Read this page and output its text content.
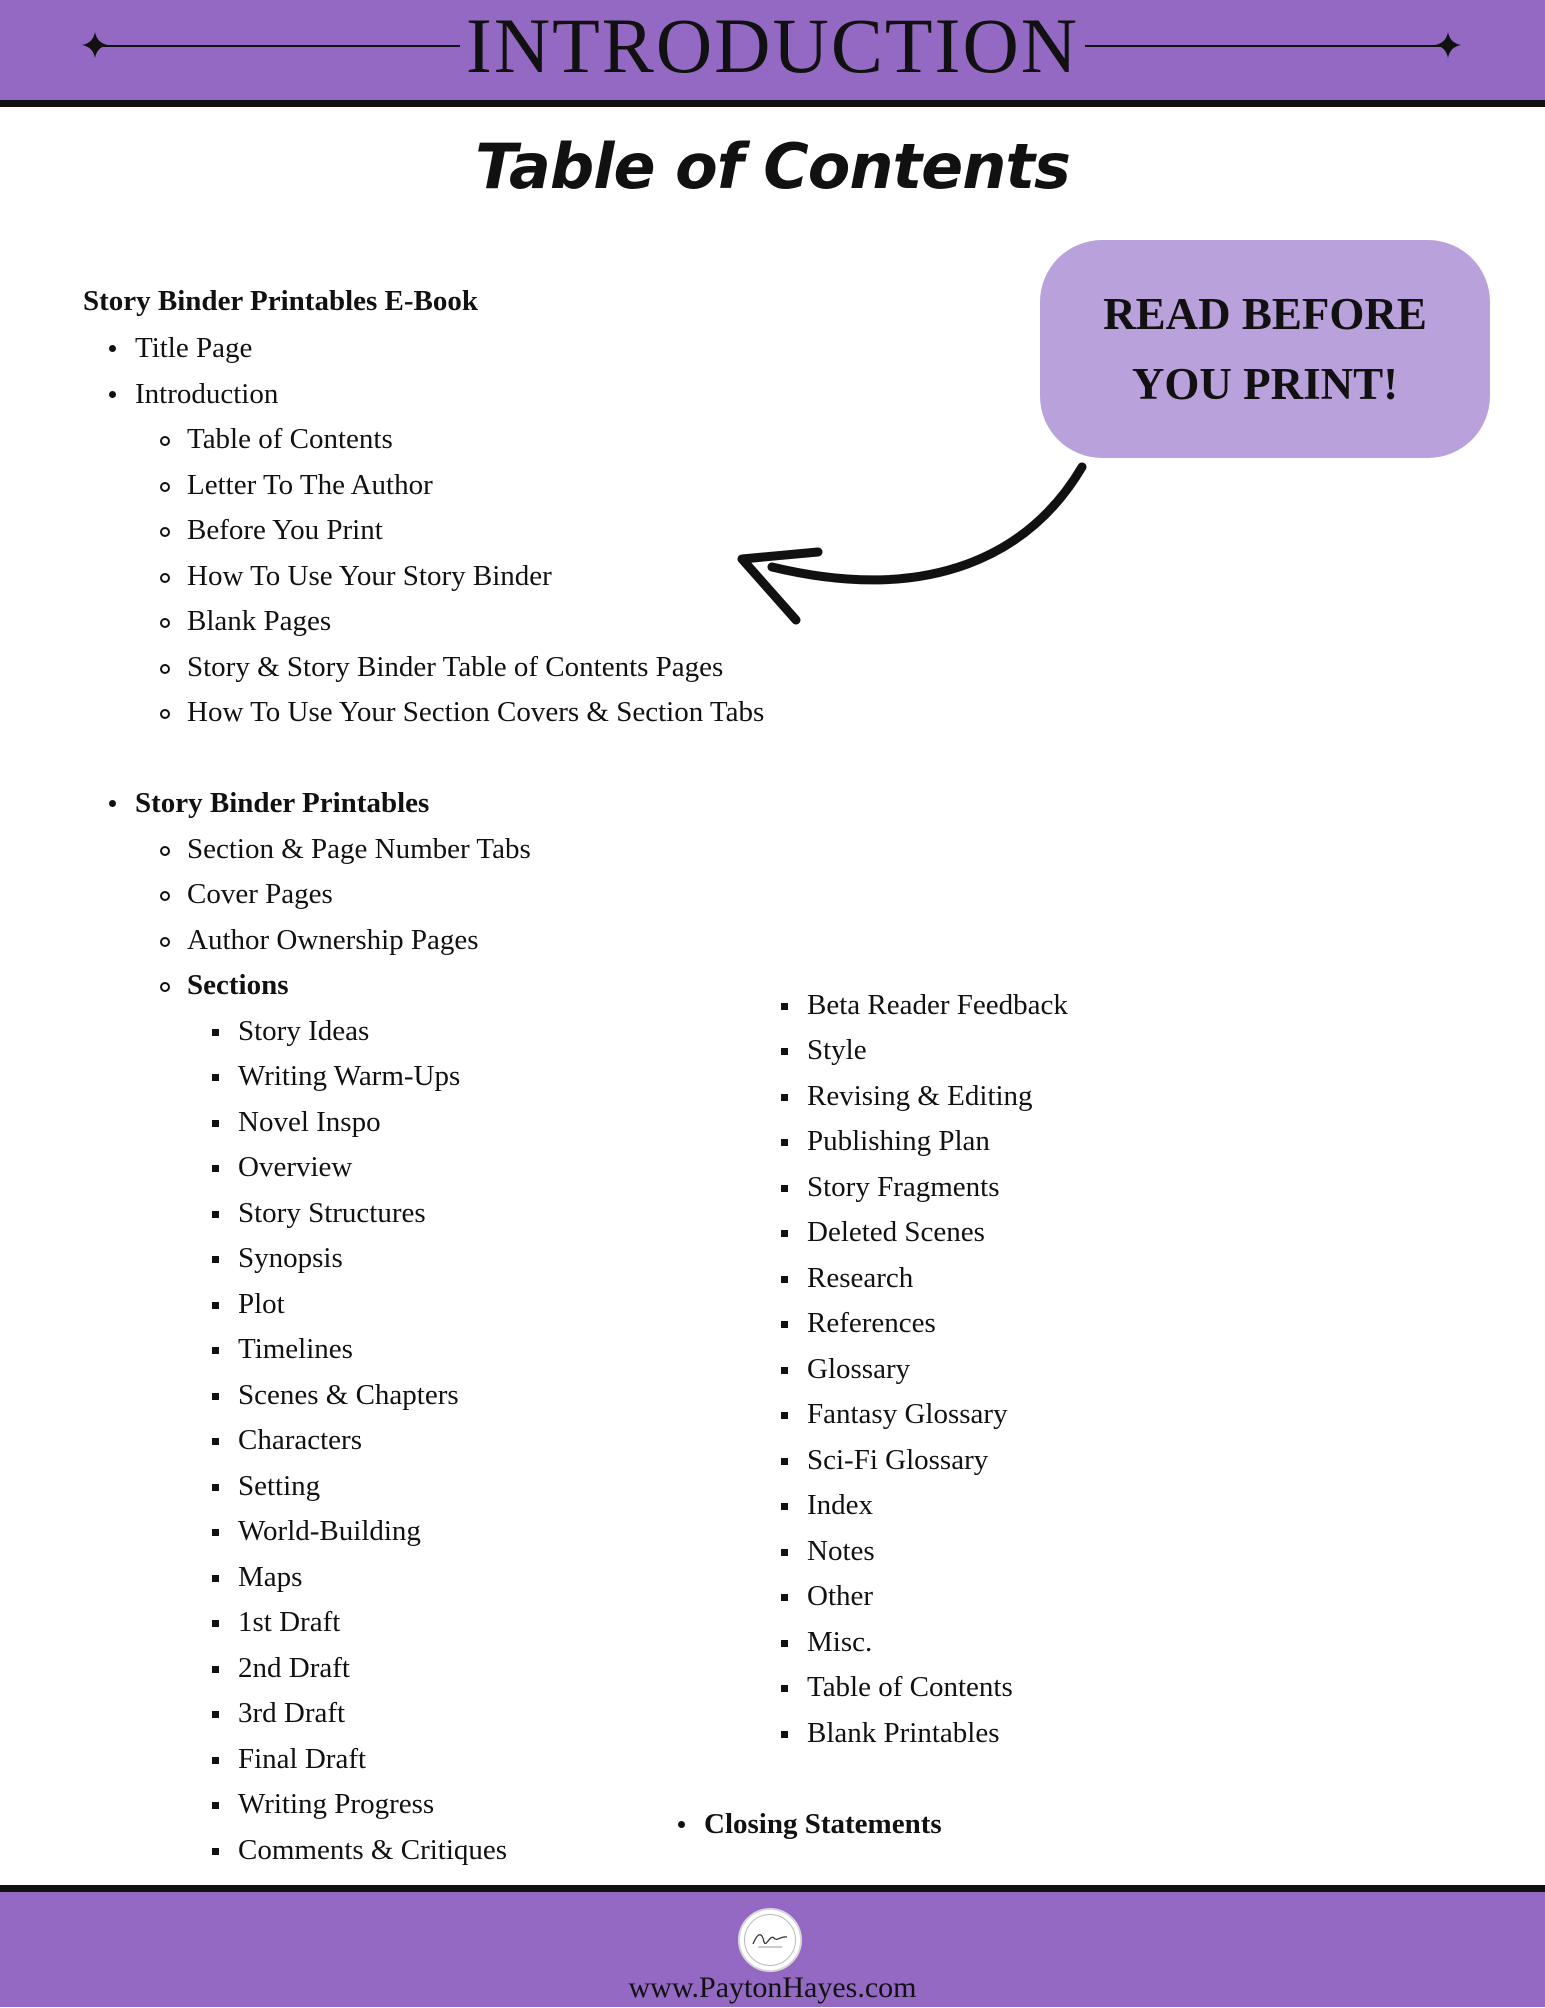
INTRODUCTION
Table of Contents
READ BEFORE YOU PRINT!
Story Binder Printables E-Book
Title Page
Introduction
Table of Contents
Letter To The Author
Before You Print
How To Use Your Story Binder
Blank Pages
Story & Story Binder Table of Contents Pages
How To Use Your Section Covers & Section Tabs
Story Binder Printables
Section & Page Number Tabs
Cover Pages
Author Ownership Pages
Sections
Story Ideas
Writing Warm-Ups
Novel Inspo
Overview
Story Structures
Synopsis
Plot
Timelines
Scenes & Chapters
Characters
Setting
World-Building
Maps
1st Draft
2nd Draft
3rd Draft
Final Draft
Writing Progress
Comments & Critiques
Beta Reader Feedback
Style
Revising & Editing
Publishing Plan
Story Fragments
Deleted Scenes
Research
References
Glossary
Fantasy Glossary
Sci-Fi Glossary
Index
Notes
Other
Misc.
Table of Contents
Blank Printables
Closing Statements
www.PaytonHayes.com
